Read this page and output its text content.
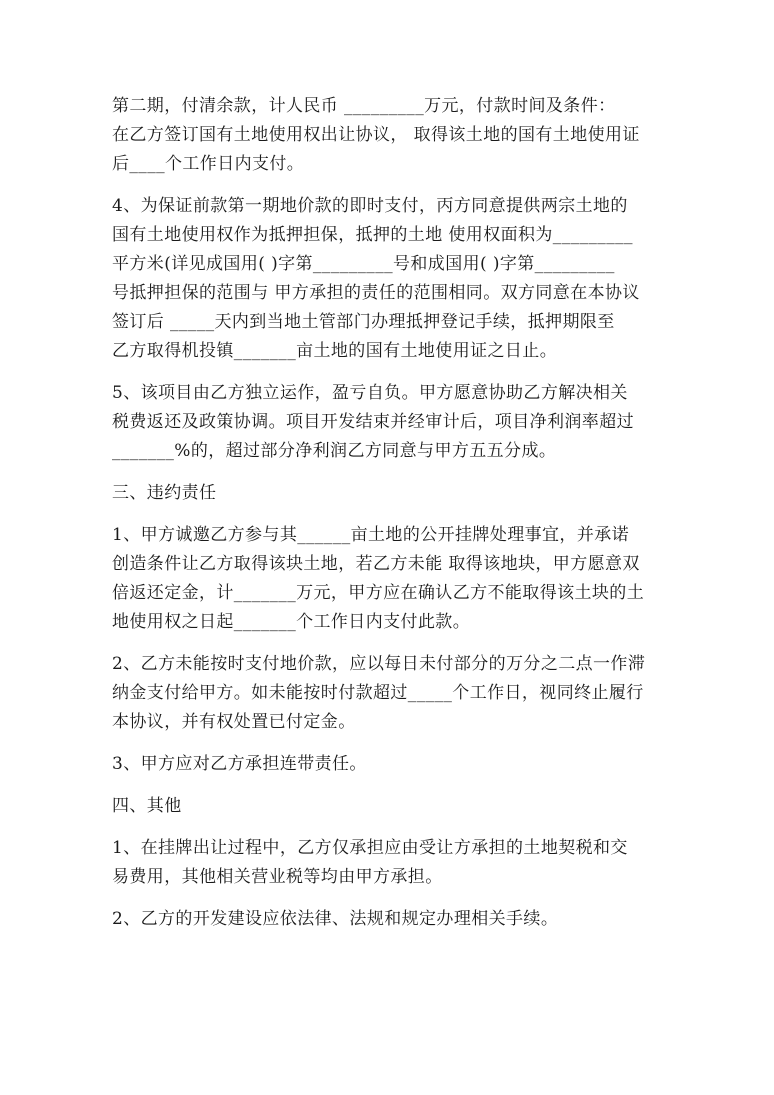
第二期，付清余款，计人民币 _________万元，付款时间及条件：
在乙方签订国有土地使用权出让协议， 取得该土地的国有土地使用证
后____个工作日内支付。

4、为保证前款第一期地价款的即时支付，丙方同意提供两宗土地的
国有土地使用权作为抵押担保，抵押的土地 使用权面积为_________
平方米(详见成国用( )字第_________号和成国用( )字第_________
号抵押担保的范围与 甲方承担的责任的范围相同。双方同意在本协议
签订后 _____天内到当地土管部门办理抵押登记手续，抵押期限至
乙方取得机投镇_______亩土地的国有土地使用证之日止。

5、该项目由乙方独立运作，盈亏自负。甲方愿意协助乙方解决相关
税费返还及政策协调。项目开发结束并经审计后，项目净利润率超过
_______%的，超过部分净利润乙方同意与甲方五五分成。

三、违约责任

1、甲方诚邀乙方参与其______亩土地的公开挂牌处理事宜，并承诺
创造条件让乙方取得该块土地，若乙方未能 取得该地块，甲方愿意双
倍返还定金，计_______万元，甲方应在确认乙方不能取得该土块的土
地使用权之日起_______个工作日内支付此款。

2、乙方未能按时支付地价款，应以每日未付部分的万分之二点一作滞
纳金支付给甲方。如未能按时付款超过_____个工作日，视同终止履行
本协议，并有权处置已付定金。

3、甲方应对乙方承担连带责任。

四、其他

1、在挂牌出让过程中，乙方仅承担应由受让方承担的土地契税和交
易费用，其他相关营业税等均由甲方承担。

2、乙方的开发建设应依法律、法规和规定办理相关手续。
